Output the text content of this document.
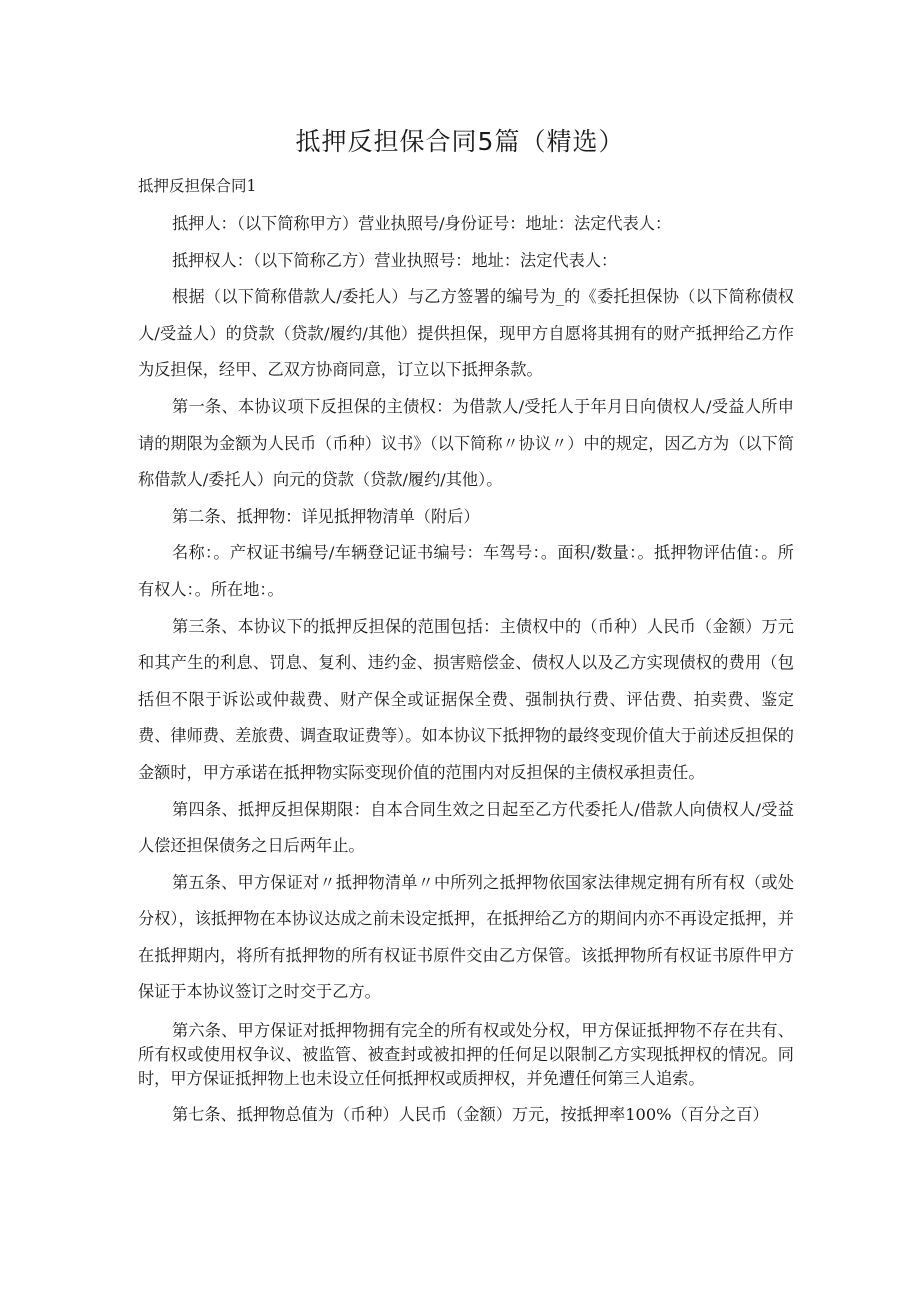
抵押反担保合同5篇（精选）

抵押反担保合同1

抵押人：（以下简称甲方）营业执照号/身份证号：地址：法定代表人：

抵押权人：（以下简称乙方）营业执照号：地址：法定代表人：

根据（以下简称借款人/委托人）与乙方签署的编号为_的《委托担保协（以下简称债权人/受益人）的贷款（贷款/履约/其他）提供担保，现甲方自愿将其拥有的财产抵押给乙方作为反担保，经甲、乙双方协商同意，订立以下抵押条款。

第一条、本协议项下反担保的主债权：为借款人/受托人于年月日向债权人/受益人所申请的期限为金额为人民币（币种）议书》（以下简称〃协议〃）中的规定，因乙方为（以下简称借款人/委托人）向元的贷款（贷款/履约/其他）。

第二条、抵押物：详见抵押物清单（附后）

名称：。产权证书编号/车辆登记证书编号：车驾号：。面积/数量：。抵押物评估值：。所有权人：。所在地：。

第三条、本协议下的抵押反担保的范围包括：主债权中的（币种）人民币（金额）万元和其产生的利息、罚息、复利、违约金、损害赔偿金、债权人以及乙方实现债权的费用（包括但不限于诉讼或仲裁费、财产保全或证据保全费、强制执行费、评估费、拍卖费、鉴定费、律师费、差旅费、调查取证费等）。如本协议下抵押物的最终变现价值大于前述反担保的金额时，甲方承诺在抵押物实际变现价值的范围内对反担保的主债权承担责任。

第四条、抵押反担保期限：自本合同生效之日起至乙方代委托人/借款人向债权人/受益人偿还担保债务之日后两年止。

第五条、甲方保证对〃抵押物清单〃中所列之抵押物依国家法律规定拥有所有权（或处分权），该抵押物在本协议达成之前未设定抵押，在抵押给乙方的期间内亦不再设定抵押，并在抵押期内，将所有抵押物的所有权证书原件交由乙方保管。该抵押物所有权证书原件甲方保证于本协议签订之时交于乙方。

第六条、甲方保证对抵押物拥有完全的所有权或处分权，甲方保证抵押物不存在共有、所有权或使用权争议、被监管、被查封或被扣押的任何足以限制乙方实现抵押权的情况。同时，甲方保证抵押物上也未设立任何抵押权或质押权，并免遭任何第三人追索。

第七条、抵押物总值为（币种）人民币（金额）万元，按抵押率100%（百分之百）
